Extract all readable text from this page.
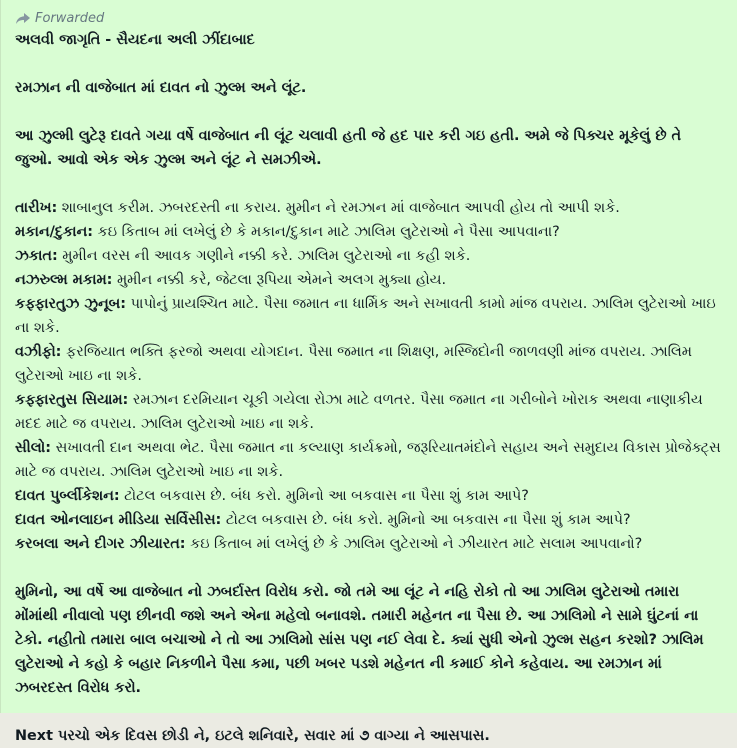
Forwarded

અલવી જાગૃતિ - સૈયદના અલી ઝીંદાબાદ

રમઝાન ની વાજેબાત માં દાવત નો ઝુલ્મ અને લૂંટ.

આ ઝુલ્મી લુટેરૂ દાવતે ગયા વર્ષે વાજેબાત ની લૂંટ ચલાવી હતી જે હદ પાર કરી ગઇ હતી. અમે જે પિક્ચર મૂકેલું છે તે જુઓ. આવો એક એક ઝુલ્મ અને લૂંટ ને સમઝીએ.

તારીખ: શાબાનુલ કરીમ. ઝબરદસ્તી ના કરાય. મુમીન ને રમઝાન માં વાજેબાત આપવી હોય તો આપી શકે.

મકાન/દુકાન: કઇ કિતાબ માં લખેલું છે કે મકાન/દુકાન માટે ઝાલિમ લુટેરાઓ ને પૈસા આપવાના?

ઝકાત: મુમીન વરસ ની આવક ગણીને નક્કી કરે. ઝાલિમ લુટેરાઓ ના કહી શકે.

નઝરુલ્મ મકામ: મુમીન નક્કી કરે, જેટલા રૂપિયા એમને અલગ મુક્યા હોય.

કફ્ફારતુઝ ઝુનૂબ: પાપોનું પ્રાયશ્ચિત માટે. પૈસા જમાત ના ધાર્મિક અને સખાવતી કામો માંજ વપરાય. ઝાલિમ લુટેરાઓ ખાઇ ના શકે.

વઝીફો: ફરજિયાત ભક્તિ ફરજો અથવા યોગદાન. પૈસા જમાત ના શિક્ષણ, મસ્જિદોની જાળવણી માંજ વપરાય. ઝાલિમ લુટેરાઓ ખાઇ ના શકે.

કફ્ફારતુસ સિયામ: રમઝાન દરમિયાન ચૂકી ગયેલા રોઝા માટે વળતર. પૈસા જમાત ના ગરીબોને ખોરાક અથવા નાણાકીય મદદ માટે જ વપરાય. ઝાલિમ લુટેરાઓ ખાઇ ના શકે.

સીલો: સખાવતી દાન અથવા ભેટ. પૈસા જમાત ના કલ્યાણ કાર્યક્રમો, જરૂરિયાતમંદોને સહાય અને સમુદાય વિકાસ પ્રોજેક્ટ્સ માટે જ વપરાય. ઝાલિમ લુટેરાઓ ખાઇ ના શકે.

દાવત પુર્બ્લીકેશન: ટોટલ બકવાસ છે. બંધ કરો. મુમિનો આ બકવાસ ના પૈસા શું કામ આપે?

દાવત ઓનલાઇન મીડિયા સર્વિસીસ: ટોટલ બકવાસ છે. બંધ કરો. મુમિનો આ બકવાસ ના પૈસા શું કામ આપે?

કરબલા અને દીગર ઝીયારત: કઇ કિતાબ માં લખેલું છે કે ઝાલિમ લુટેરાઓ ને ઝીયારત માટે સલામ આપવાનો?

મુમિનો, આ વર્ષે આ વાજેબાત નો ઝબર્દાસ્ત વિરોધ કરો. જો તમે આ લૂંટ ને નહિ રોકો તો આ ઝાલિમ લુટેરાઓ તમારા મોંમાંથી નીવાલો પણ છીનવી જશે અને એના મહેલો બનાવશે. તમારી મહેનત ના પૈસા છે. આ ઝાલિમો ને સામે ઘુંટનાં ના ટેકો. નહીતો તમારા બાલ બચાઓ ને તો આ ઝાલિમો સાંસ પણ નઈ લેવા દે. ક્યાં સુધી એનો ઝુલ્મ સહન કરશો? ઝાલિમ લુટેરાઓ ને કહો કે બહાર નિકળીને પૈસા કમા, પછી ખબર પડશે મહેનત ની કમાઈ કોને કહેવાય. આ રમઝાન માં ઝબરદસ્ત વિરોધ કરો.

Next પરચો એક દિવસ છોડી ને, ઇટલે શનિવારે, સવાર માં ૭ વાગ્યા ને આસપાસ.
